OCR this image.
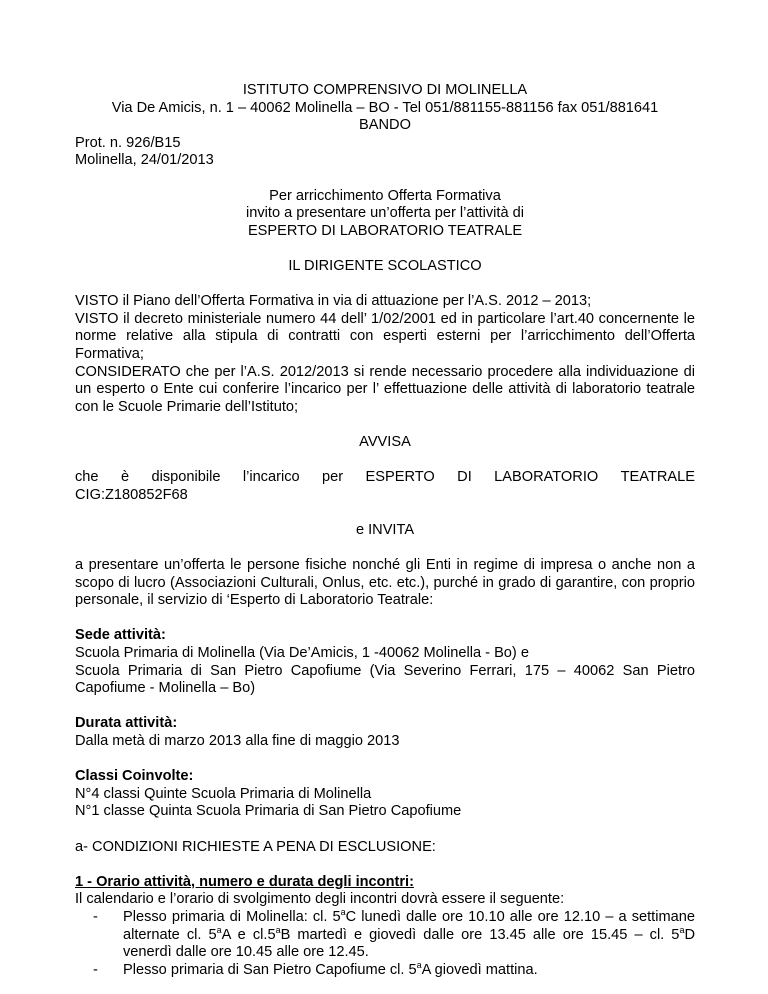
ISTITUTO COMPRENSIVO DI MOLINELLA

Via De Amicis, n. 1 – 40062 Molinella – BO - Tel 051/881155-881156 fax 051/881641

BANDO

Prot. n. 926/B15

Molinella, 24/01/2013

Per arricchimento Offerta Formativa

invito a presentare un’offerta per l’attività di

ESPERTO DI LABORATORIO TEATRALE

IL DIRIGENTE SCOLASTICO

VISTO il Piano dell’Offerta Formativa in via di attuazione per l’A.S. 2012 – 2013;

VISTO il decreto ministeriale numero 44 dell’ 1/02/2001 ed in particolare l’art.40 concernente le norme relative alla stipula di contratti con esperti esterni per l’arricchimento dell’Offerta Formativa;

CONSIDERATO che per l’A.S. 2012/2013 si rende necessario procedere alla individuazione di un esperto o Ente cui conferire l’incarico per l’ effettuazione delle attività di laboratorio teatrale con le Scuole Primarie dell’Istituto;

AVVISA

che è disponibile l’incarico per ESPERTO DI LABORATORIO TEATRALE

CIG:Z180852F68

e INVITA

a presentare un’offerta le persone fisiche nonché gli Enti in regime di impresa o anche non a scopo di lucro (Associazioni Culturali, Onlus, etc. etc.), purché in grado di garantire, con proprio personale, il servizio di ‘Esperto di Laboratorio Teatrale:

Sede attività:

Scuola Primaria di Molinella (Via De’Amicis, 1 -40062 Molinella - Bo) e

Scuola Primaria di San Pietro Capofiume (Via Severino Ferrari, 175 – 40062 San Pietro Capofiume - Molinella – Bo)

Durata attività:

Dalla metà di marzo 2013 alla fine di maggio 2013

Classi Coinvolte:

N°4 classi Quinte Scuola Primaria di Molinella

N°1 classe Quinta Scuola Primaria di San Pietro Capofiume

a- CONDIZIONI RICHIESTE A PENA DI ESCLUSIONE:

1 - Orario attività, numero e durata degli incontri:

Il calendario e l’orario di svolgimento degli incontri dovrà essere il seguente:

- Plesso primaria di Molinella: cl. 5$^a$C lunedì dalle ore 10.10 alle ore 12.10 – a settimane alternate cl. 5$^a$A e cl.5$^a$B martedì e giovedì dalle ore 13.45 alle ore 15.45 – cl. 5$^a$D venerdì dalle ore 10.45 alle ore 12.45.
- Plesso primaria di San Pietro Capofiume cl. 5$^a$A giovedì mattina.
